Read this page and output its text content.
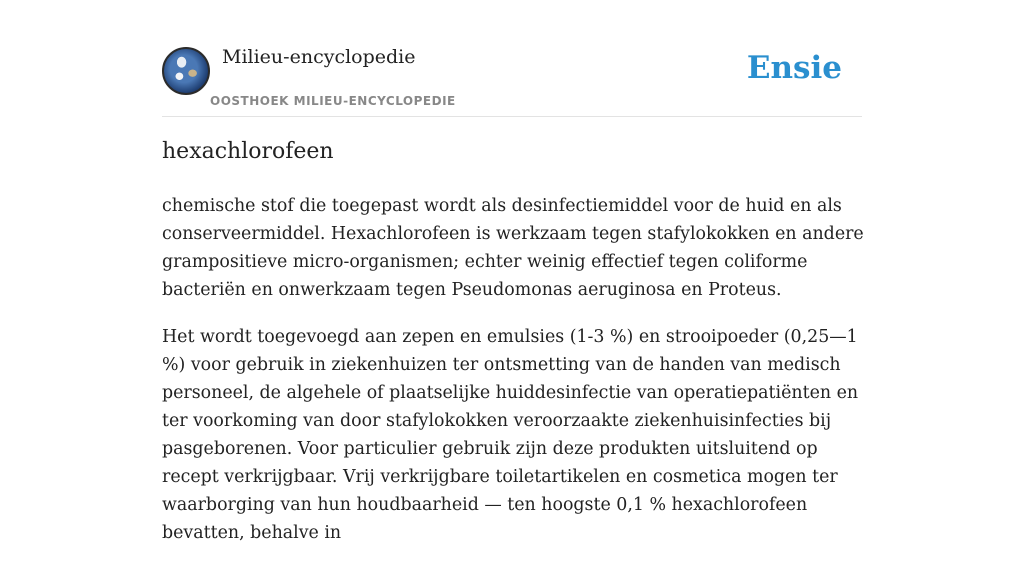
Milieu-encyclopedie
OOSTHOEK MILIEU-ENCYCLOPEDIE
Ensie
hexachlorofeen

chemische stof die toegepast wordt als desinfectiemiddel voor de huid en als conserveermiddel. Hexachlorofeen is werkzaam tegen stafylokokken en andere grampositieve micro-organismen; echter weinig effectief tegen coliforme bacteriën en onwerkzaam tegen Pseudomonas aeruginosa en Proteus.

Het wordt toegevoegd aan zepen en emulsies (1-3 %) en strooipoeder (0,25—1 %) voor gebruik in ziekenhuizen ter ontsmetting van de handen van medisch personeel, de algehele of plaatselijke huiddesinfectie van operatiepatiënten en ter voorkoming van door stafylokokken veroorzaakte ziekenhuisinfecties bij pasgeborenen. Voor particulier gebruik zijn deze produkten uitsluitend op recept verkrijgbaar. Vrij verkrijgbare toiletartikelen en cosmetica mogen ter waarborging van hun houdbaarheid — ten hoogste 0,1 % hexachlorofeen bevatten, behalve in
